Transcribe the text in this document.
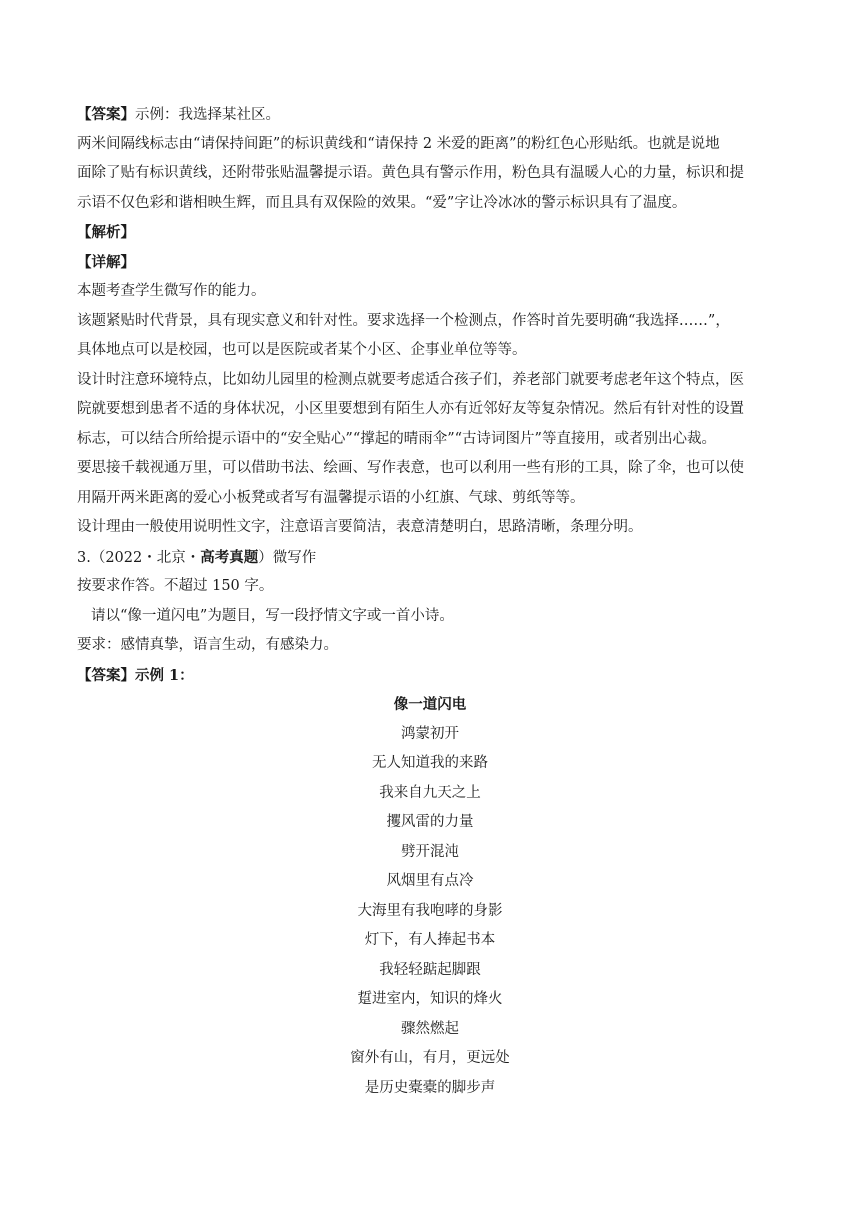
【答案】示例：我选择某社区。
两米间隔线标志由“请保持间距”的标识黄线和“请保持 2 米爱的距离”的粉红色心形贴纸。也就是说地
面除了贴有标识黄线，还附带张贴温馨提示语。黄色具有警示作用，粉色具有温暖人心的力量，标识和提
示语不仅色彩和谐相映生辉，而且具有双保险的效果。“爱”字让冷冰冰的警示标识具有了温度。
【解析】
【详解】
本题考查学生微写作的能力。
该题紧贴时代背景，具有现实意义和针对性。要求选择一个检测点，作答时首先要明确“我选择……”，
具体地点可以是校园，也可以是医院或者某个小区、企事业单位等等。
设计时注意环境特点，比如幼儿园里的检测点就要考虑适合孩子们，养老部门就要考虑老年这个特点，医
院就要想到患者不适的身体状况，小区里要想到有陌生人亦有近邻好友等复杂情况。然后有针对性的设置
标志，可以结合所给提示语中的“安全贴心”“撑起的晴雨伞”“古诗词图片”等直接用，或者别出心裁。
要思接千载视通万里，可以借助书法、绘画、写作表意，也可以利用一些有形的工具，除了伞，也可以使
用隔开两米距离的爱心小板凳或者写有温馨提示语的小红旗、气球、剪纸等等。
设计理由一般使用说明性文字，注意语言要简洁，表意清楚明白，思路清晰，条理分明。
3.（2022・北京・高考真题）微写作
按要求作答。不超过 150 字。
请以“像一道闪电”为题目，写一段抒情文字或一首小诗。
要求：感情真挚，语言生动，有感染力。
【答案】示例 1：
像一道闪电
鸿蒙初开
无人知道我的来路
我来自九天之上
攫风雷的力量
劈开混沌
风烟里有点冷
大海里有我咆哮的身影
灯下，有人捧起书本
我轻轻踮起脚跟
踅进室内，知识的烽火
骤然燃起
窗外有山，有月，更远处
是历史橐橐的脚步声
